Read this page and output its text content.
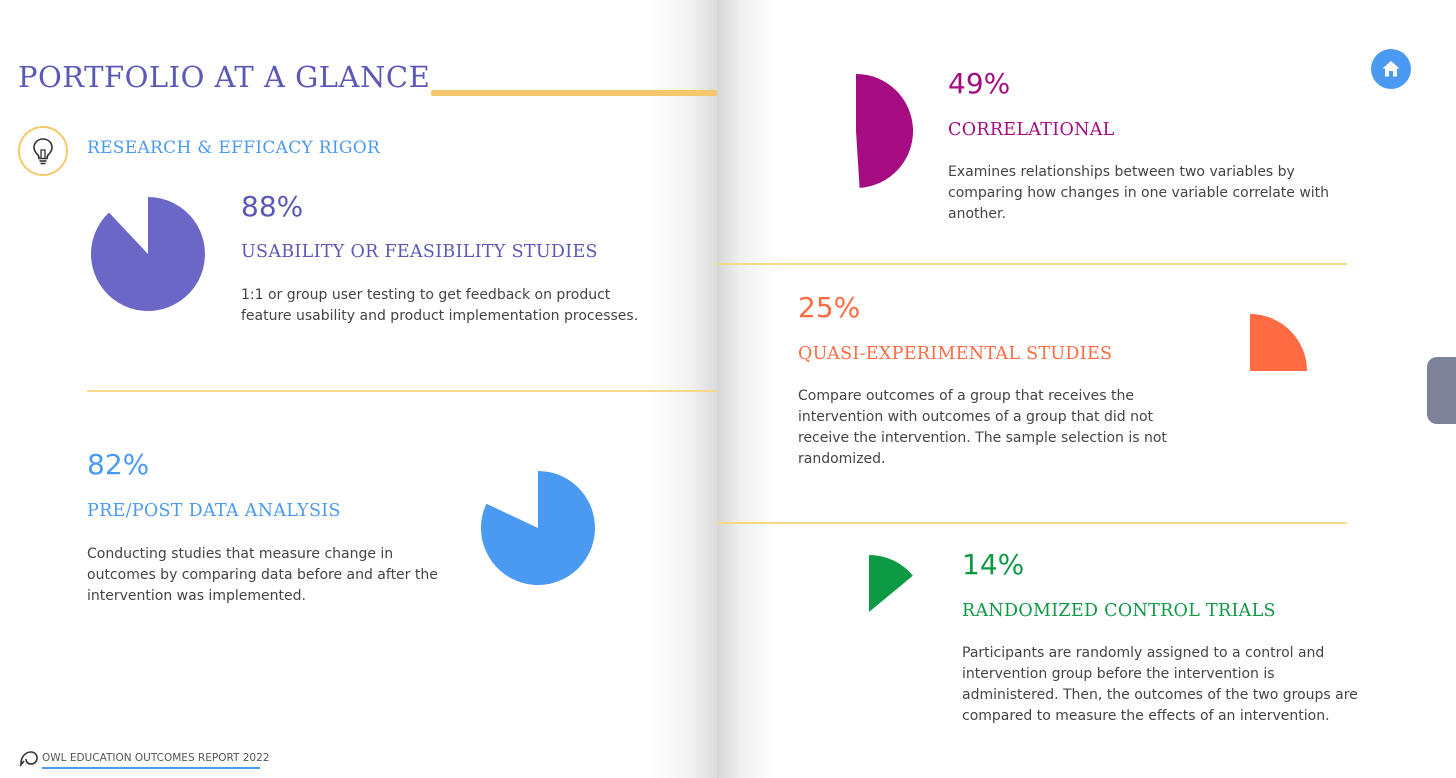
PORTFOLIO AT A GLANCE
RESEARCH & EFFICACY RIGOR
88%
USABILITY OR FEASIBILITY STUDIES
1:1 or group user testing to get feedback on product feature usability and product implementation processes.
82%
PRE/POST DATA ANALYSIS
Conducting studies that measure change in outcomes by comparing data before and after the intervention was implemented.
OWL EDUCATION OUTCOMES REPORT 2022
49%
CORRELATIONAL
Examines relationships between two variables by comparing how changes in one variable correlate with another.
25%
QUASI-EXPERIMENTAL STUDIES
Compare outcomes of a group that receives the intervention with outcomes of a group that did not receive the intervention. The sample selection is not randomized.
14%
RANDOMIZED CONTROL TRIALS
Participants are randomly assigned to a control and intervention group before the intervention is administered. Then, the outcomes of the two groups are compared to measure the effects of an intervention.
